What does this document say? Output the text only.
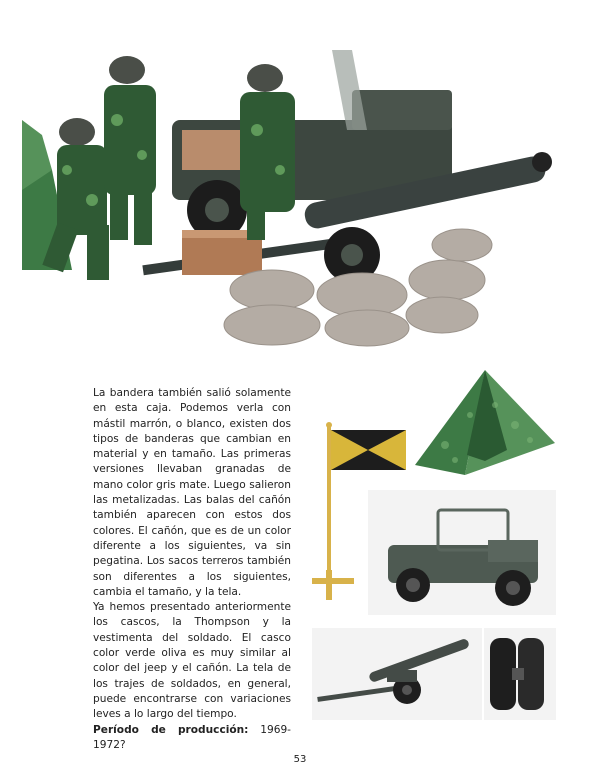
La bandera también salió solamente en esta caja. Podemos verla con mástil marrón, o blanco, existen dos tipos de banderas que cambian en material y en tamaño. Las primeras versiones llevaban granadas de mano color gris mate. Luego salieron las metalizadas. Las balas del cañón también aparecen con estos dos colores. El cañón, que es de un color diferente a los siguientes, va sin pegatina. Los sacos terreros también son diferentes a los siguientes, cambia el tamaño, y la tela.

Ya hemos presentado anteriormente los cascos, la Thompson y la vestimenta del soldado. El casco color verde oliva es muy similar al color del jeep y el cañón. La tela de los trajes de soldados, en general, puede encontrarse con variaciones leves a lo largo del tiempo.

Período de producción: 1969-1972?

53
